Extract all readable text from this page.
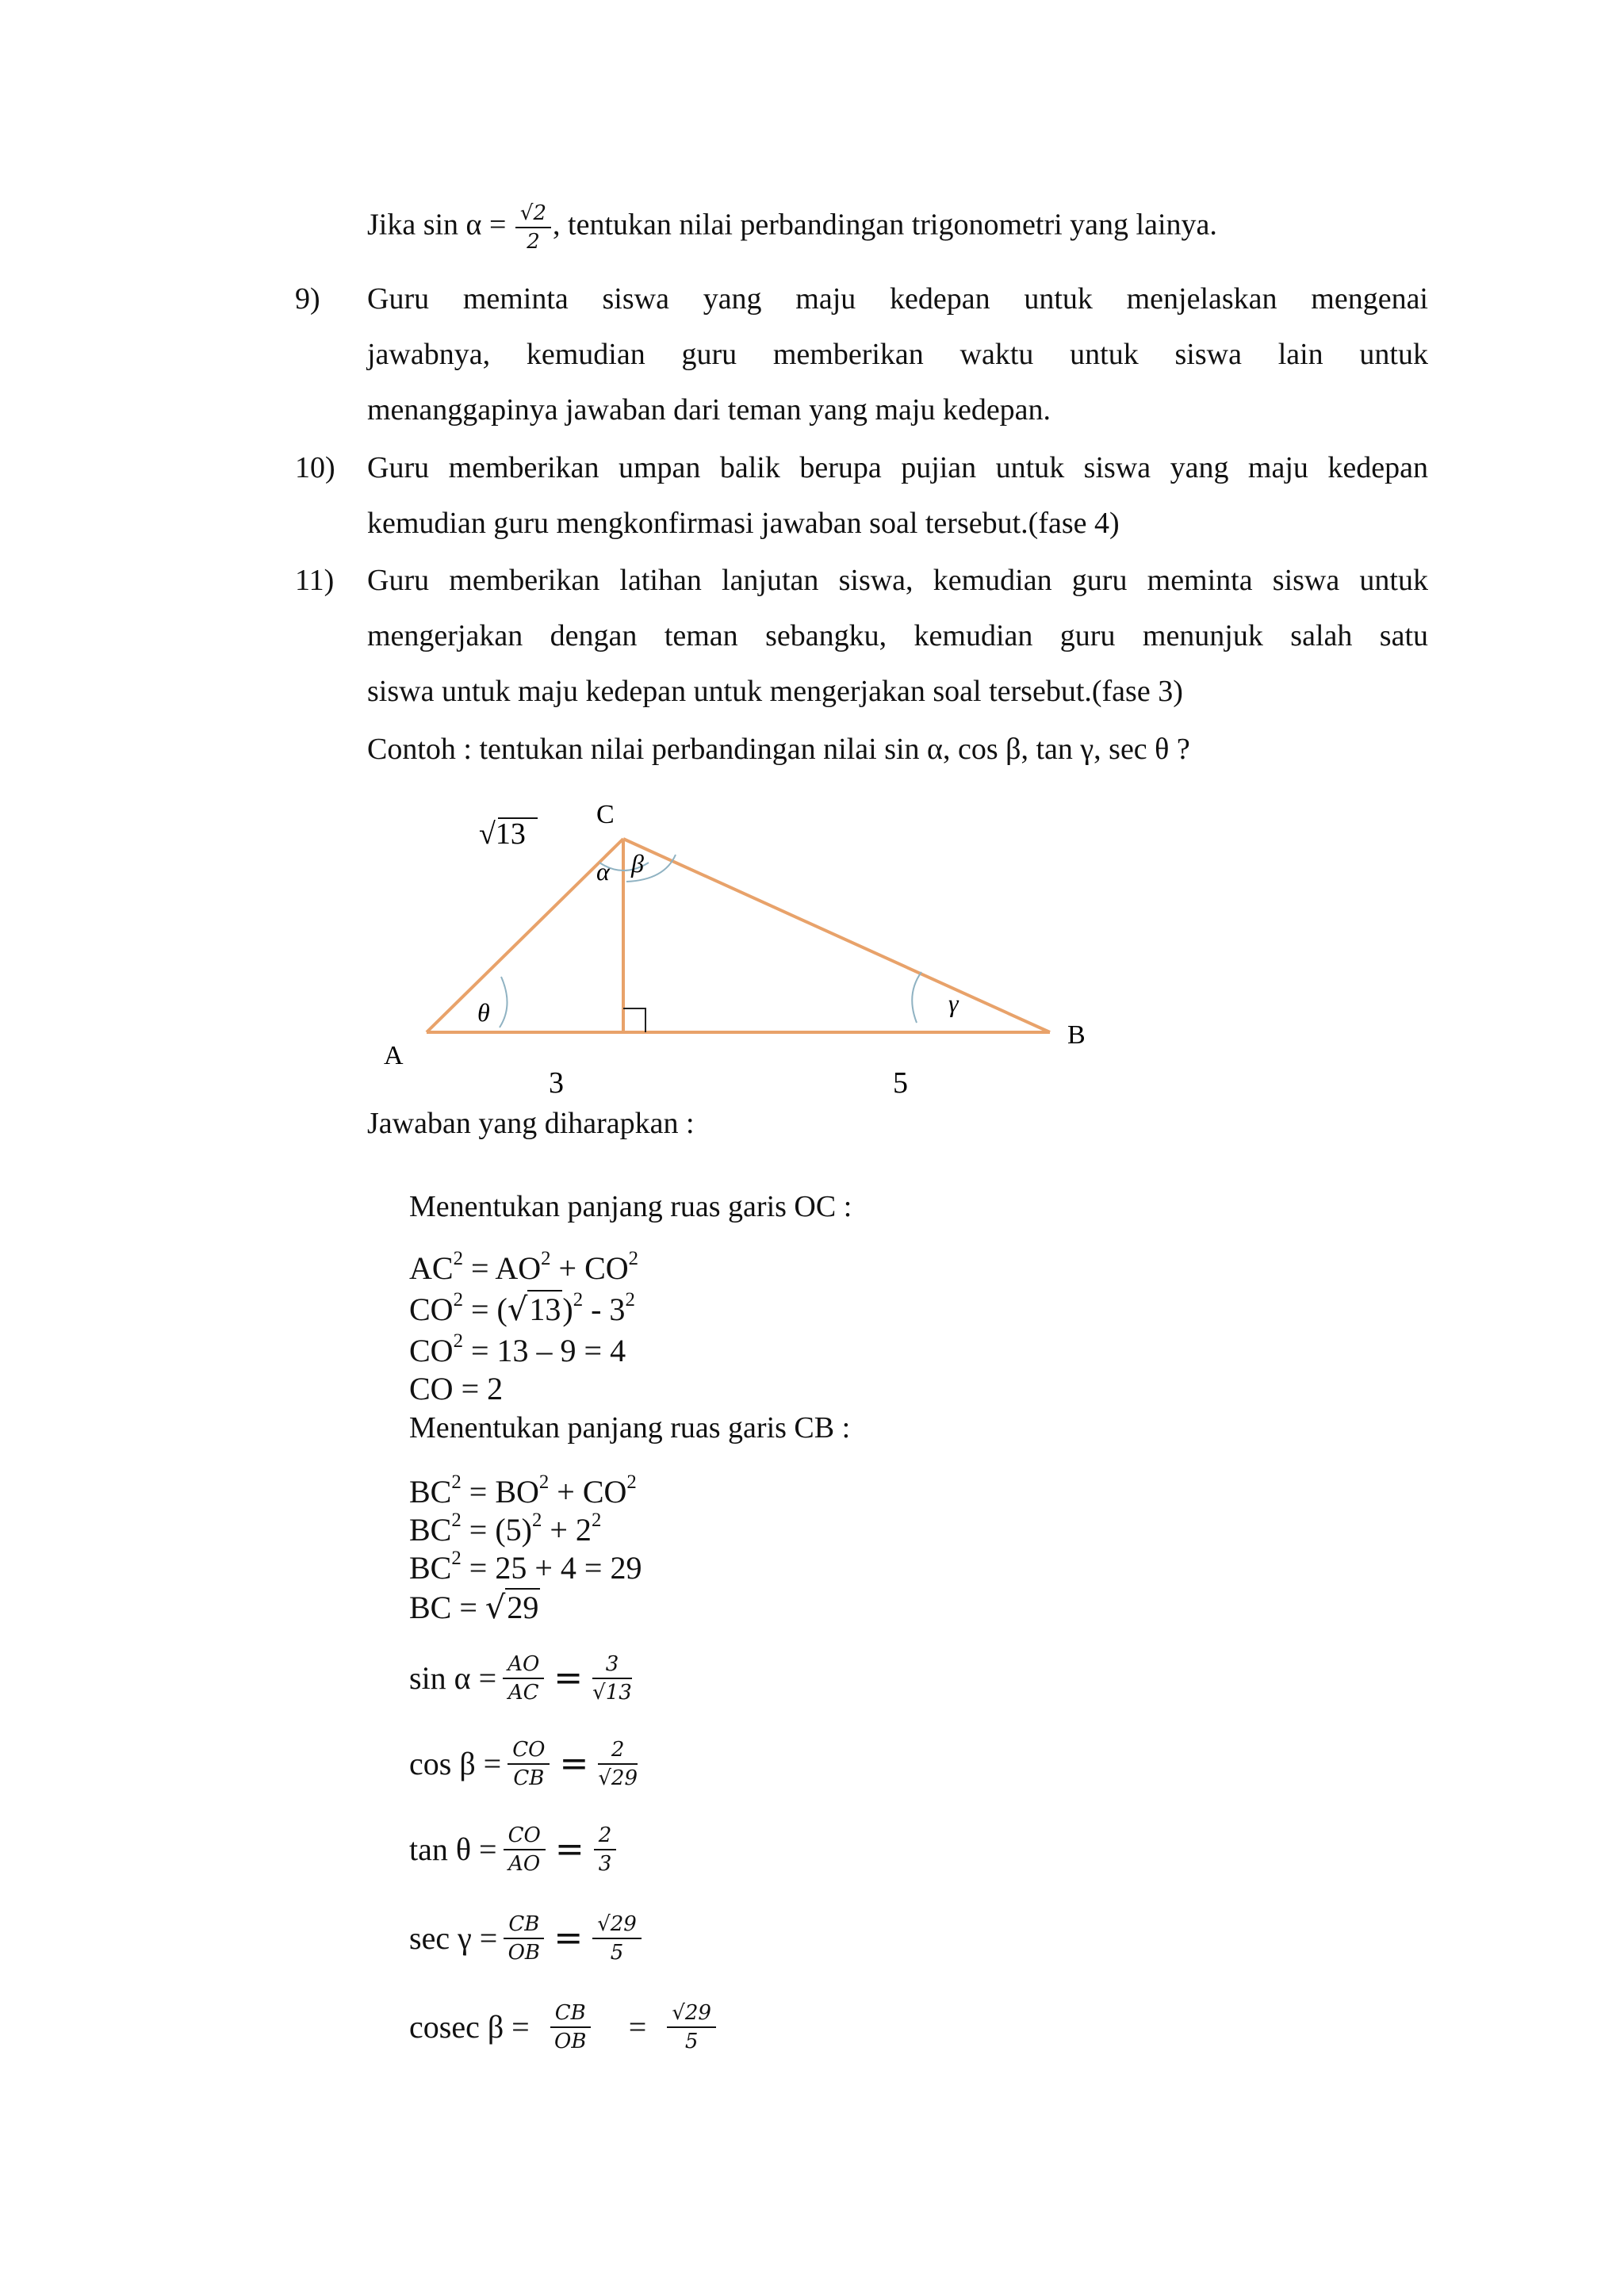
Jika $\sin \alpha = \frac{√2}{2}$ , tentukan nilai perbandingan trigonometri yang lainya.
9) Guru meminta siswa yang maju kedepan untuk menjelaskan mengenai
jawabnya, kemudian guru memberikan waktu untuk siswa lain untuk
menanggapinya jawaban dari teman yang maju kedepan.
10) Guru memberikan umpan balik berupa pujian untuk siswa yang maju kedepan
kemudian guru mengkonfirmasi jawaban soal tersebut.(fase 4)
11) Guru memberikan latihan lanjutan siswa, kemudian guru meminta siswa untuk
mengerjakan dengan teman sebangku, kemudian guru menunjuk salah satu
siswa untuk maju kedepan untuk mengerjakan soal tersebut.(fase 3)
Contoh : tentukan nilai perbandingan nilai sin α, cos β, tan γ, sec θ ?
C
A
B
θ
α β
γ
√13
3	5
Jawaban yang diharapkan :
Menentukan panjang ruas garis OC :
$AC^2 = AO^2 + CO^2$
$CO^2 = (√13)^2 - 3^2$
$CO^2 = 13 - 9 = 4$
CO = 2
Menentukan panjang ruas garis CB :
$BC^2 = BO^2 + CO^2$
$BC^2 = (5)^2 + 2^2$
$BC^2 = 25 + 4 = 29$
BC = √29
$\sin \alpha = \frac{AO}{AC} = \frac{3}{√13}$
$\cos \beta = \frac{CO}{CB} = \frac{2}{√29}$
$\tan \theta = \frac{CO}{AO} = \frac{2}{3}$
$\sec \gamma = \frac{CB}{OB} = \frac{√29}{5}$
cosec $\beta = \frac{CB}{OB} = \frac{√29}{5}$
